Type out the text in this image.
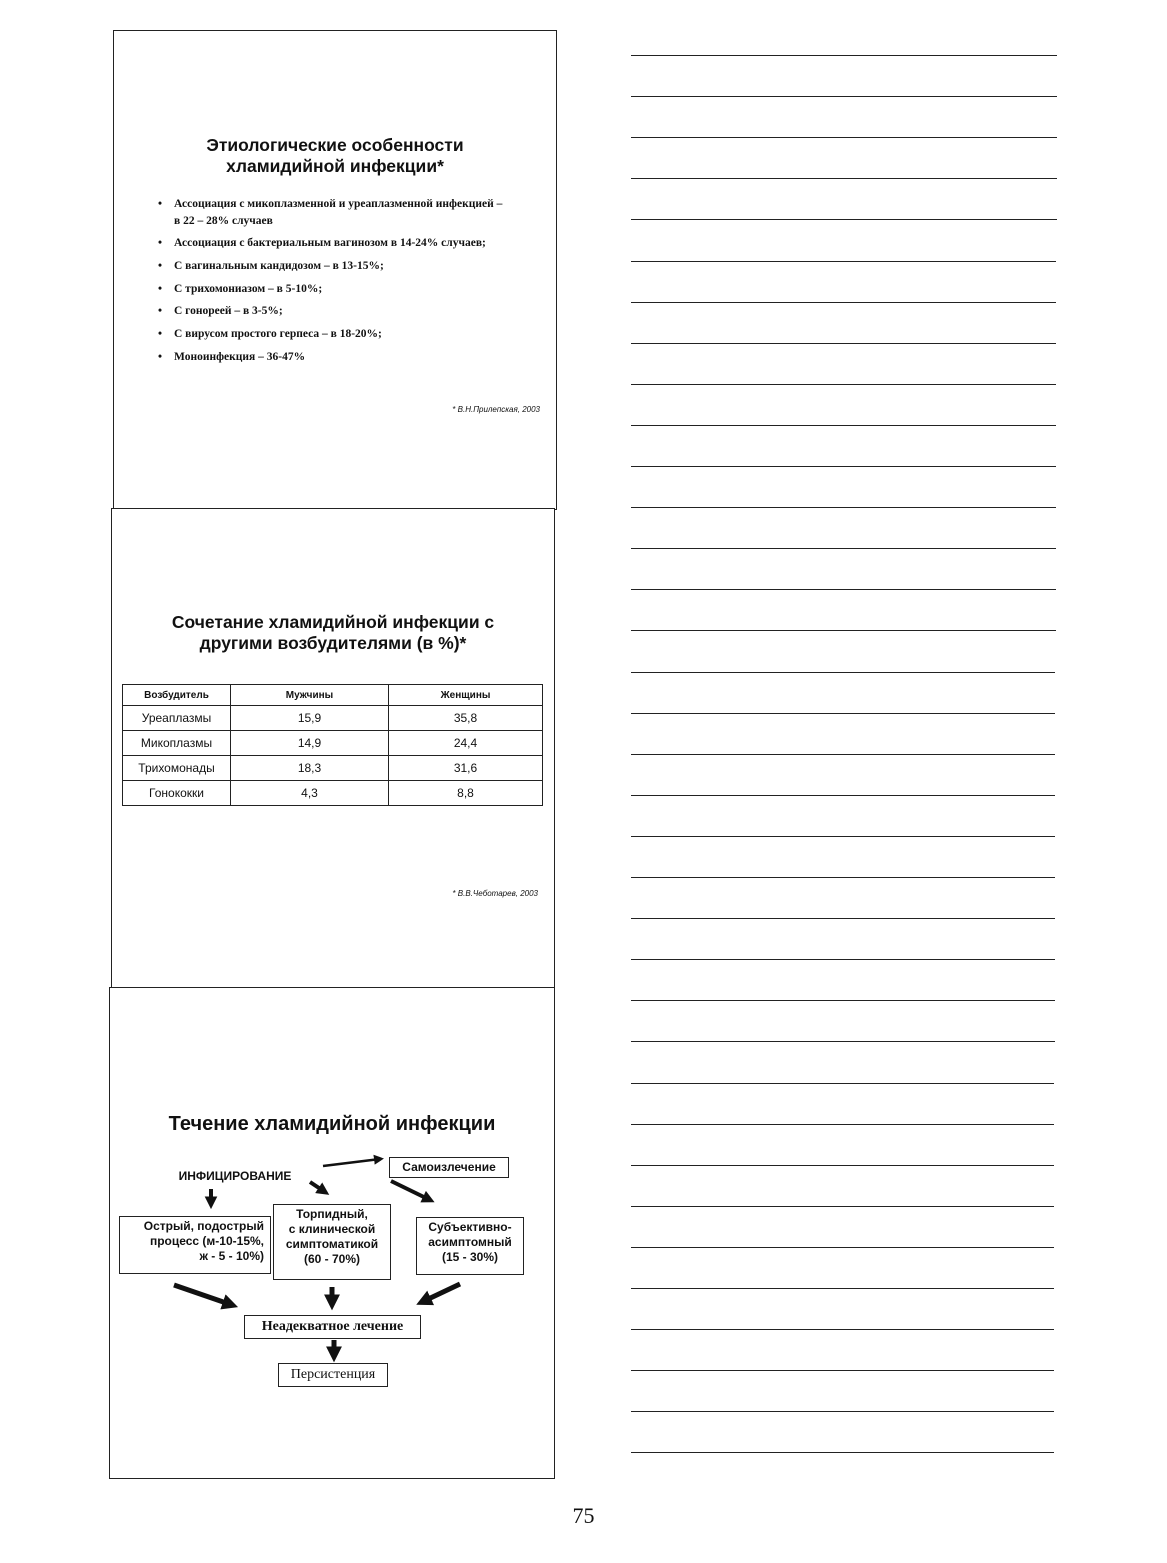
Этиологические особенности
хламидийной инфекции*
• Ассоциация с микоплазменной и уреаплазменной инфекцией – в 22 – 28% случаев
• Ассоциация с бактериальным вагинозом в 14-24% случаев;
• С вагинальным кандидозом – в 13-15%;
• С трихомониазом – в 5-10%;
• С гонореей – в 3-5%;
• С вирусом простого герпеса – в 18-20%;
• Моноинфекция – 36-47%
* В.Н.Прилепская, 2003
Сочетание хламидийной инфекции с
другими возбудителями (в %)*
Возбудитель	Мужчины	Женщины
Уреаплазмы	15,9	35,8
Микоплазмы	14,9	24,4
Трихомонады	18,3	31,6
Гонококки	4,3	8,8
* В.В.Чеботарев, 2003
Течение хламидийной инфекции
ИНФИЦИРОВАНИЕ
Самоизлечение
Острый, подострый
процесс (м-10-15%,
ж - 5 - 10%)
Торпидный,
с клинической
симптоматикой
(60 - 70%)
Субъективно-
асимптомный
(15 - 30%)
Неадекватное лечение
Персистенция
75
